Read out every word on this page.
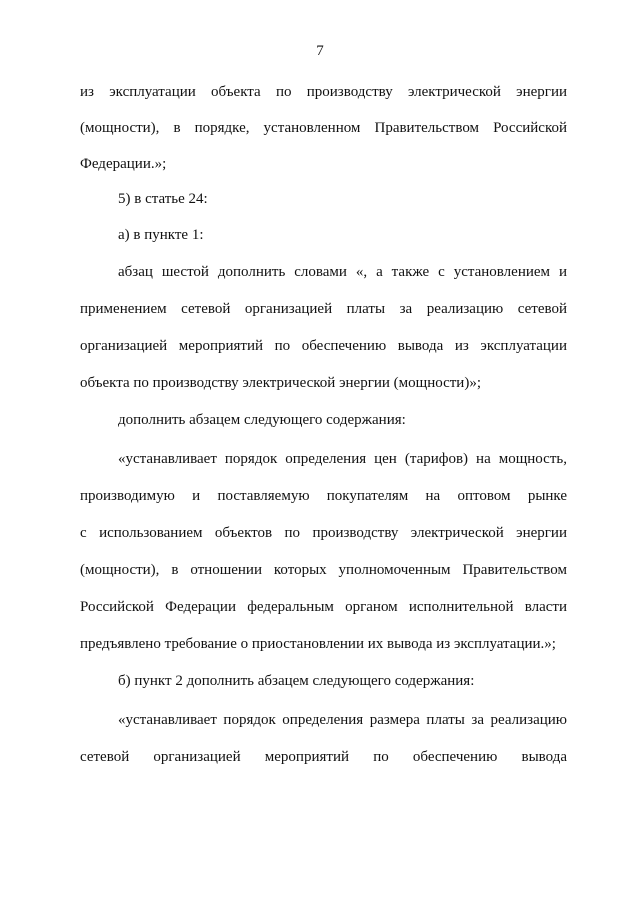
7
из эксплуатации объекта по производству электрической энергии
(мощности), в порядке, установленном Правительством Российской
Федерации.»;
5) в статье 24:
а) в пункте 1:
абзац шестой дополнить словами «, а также с установлением и
применением сетевой организацией платы за реализацию сетевой
организацией мероприятий по обеспечению вывода из эксплуатации
объекта по производству электрической энергии (мощности)»;
дополнить абзацем следующего содержания:
«устанавливает порядок определения цен (тарифов) на мощность,
производимую и поставляемую покупателям на оптовом рынке
с использованием объектов по производству электрической энергии
(мощности), в отношении которых уполномоченным Правительством
Российской Федерации федеральным органом исполнительной власти
предъявлено требование о приостановлении их вывода из эксплуатации.»;
б) пункт 2 дополнить абзацем следующего содержания:
«устанавливает порядок определения размера платы за реализацию
сетевой организацией мероприятий по обеспечению вывода
